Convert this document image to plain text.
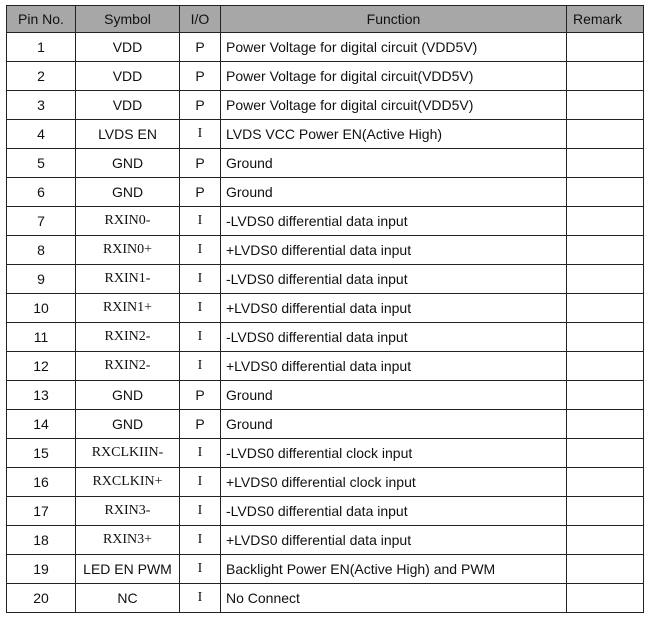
Pin No.	Symbol	I/O	Function	Remark
1	VDD	P	Power Voltage for digital circuit (VDD5V)	
2	VDD	P	Power Voltage for digital circuit(VDD5V)	
3	VDD	P	Power Voltage for digital circuit(VDD5V)	
4	LVDS EN	I	LVDS VCC Power EN(Active High)	
5	GND	P	Ground	
6	GND	P	Ground	
7	RXIN0-	I	-LVDS0 differential data input	
8	RXIN0+	I	+LVDS0 differential data input	
9	RXIN1-	I	-LVDS0 differential data input	
10	RXIN1+	I	+LVDS0 differential data input	
11	RXIN2-	I	-LVDS0 differential data input	
12	RXIN2-	I	+LVDS0 differential data input	
13	GND	P	Ground	
14	GND	P	Ground	
15	RXCLKIIN-	I	-LVDS0 differential clock input	
16	RXCLKIN+	I	+LVDS0 differential clock input	
17	RXIN3-	I	-LVDS0 differential data input	
18	RXIN3+	I	+LVDS0 differential data input	
19	LED EN PWM	I	Backlight Power EN(Active High) and PWM	
20	NC	I	No Connect	
